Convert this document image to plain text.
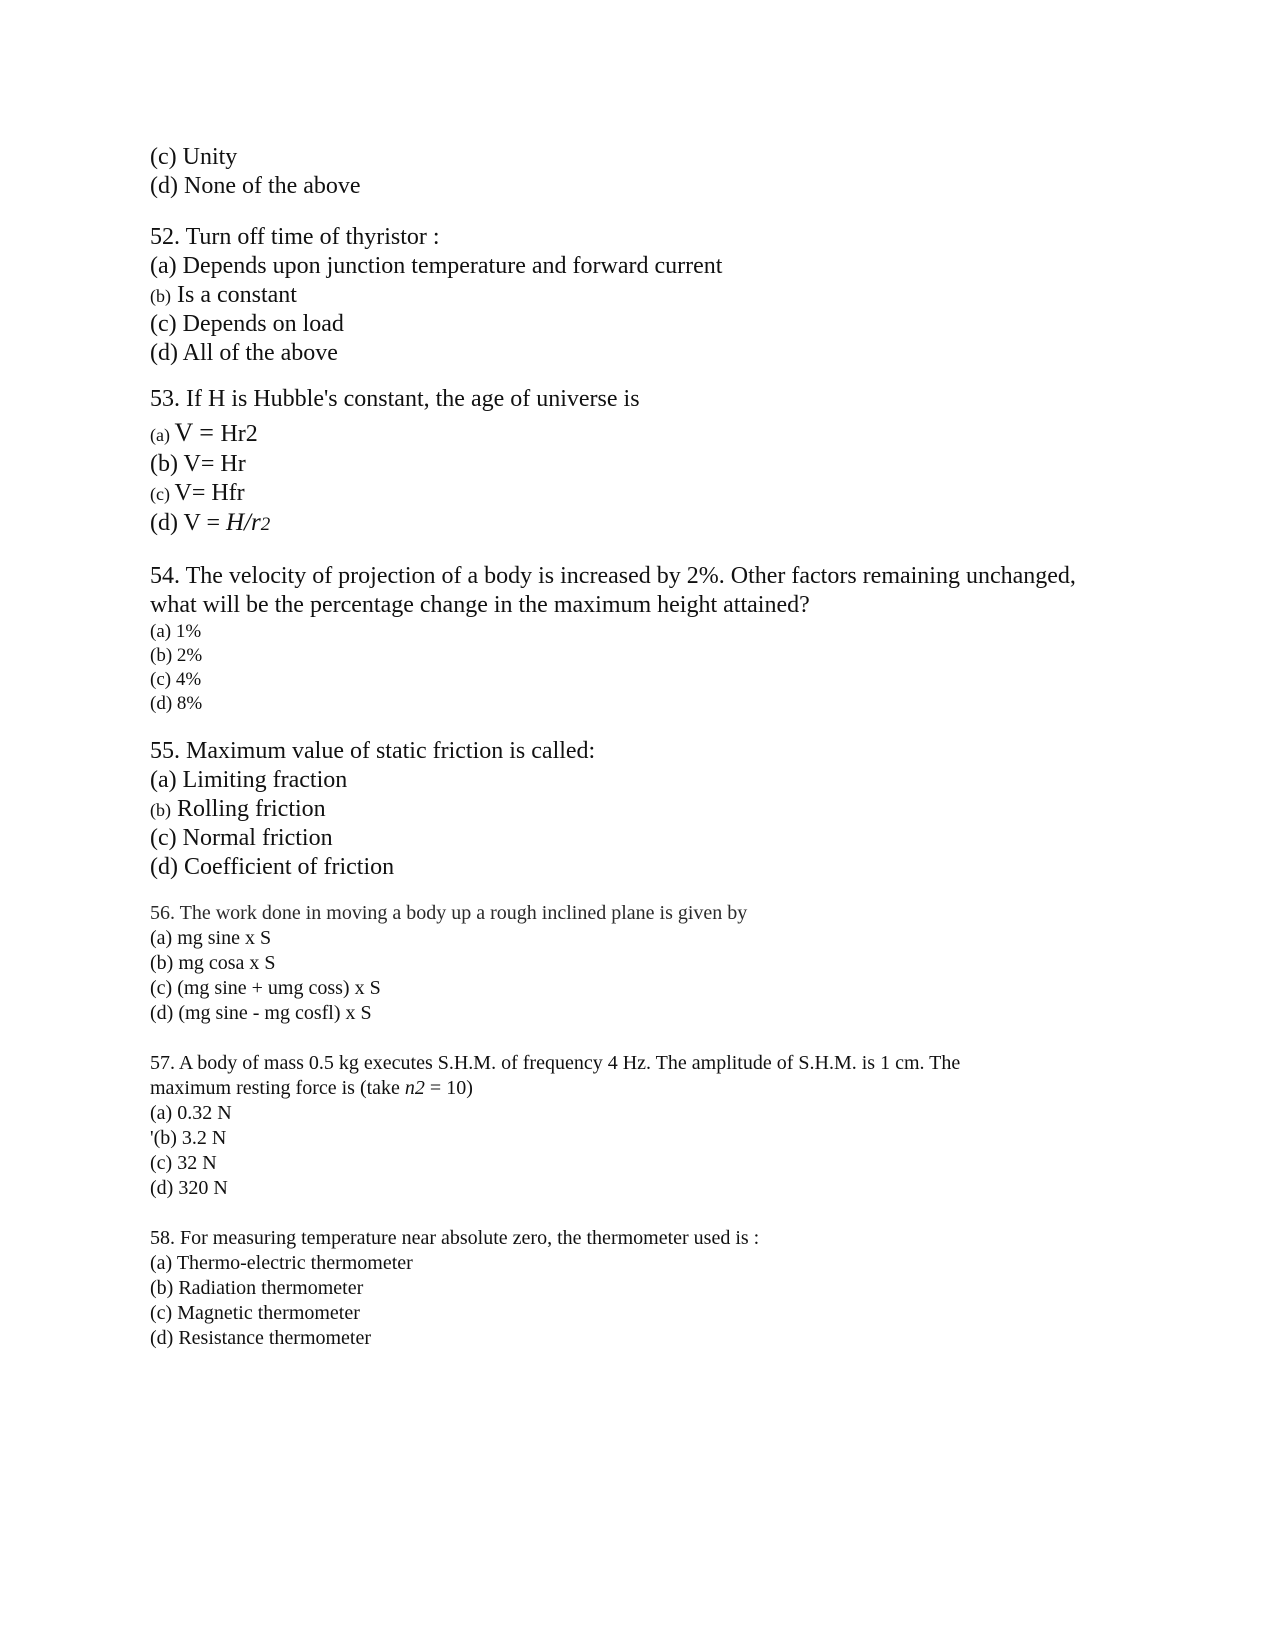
(c) Unity
(d) None of the above
52. Turn off time of thyristor :
(a) Depends upon junction temperature and forward current
(b) Is a constant
(c) Depends on load
(d) All of the above
53. If H is Hubble's constant, the age of universe is
(a) V = Hr2
(b) V= Hr
(c) V= Hfr
(d) V = H/r2
54. The velocity of projection of a body is increased by 2%. Other factors remaining unchanged,
what will be the percentage change in the maximum height attained?
(a) 1%
(b) 2%
(c) 4%
(d) 8%
55. Maximum value of static friction is called:
(a) Limiting fraction
(b) Rolling friction
(c) Normal friction
(d) Coefficient of friction
56. The work done in moving a body up a rough inclined plane is given by
(a) mg sine x S
(b) mg cosa x S
(c) (mg sine + umg coss) x S
(d) (mg sine - mg cosfl) x S
57. A body of mass 0.5 kg executes S.H.M. of frequency 4 Hz. The amplitude of S.H.M. is 1 cm. The
maximum resting force is (take n2 = 10)
(a) 0.32 N
'(b) 3.2 N
(c) 32 N
(d) 320 N
58. For measuring temperature near absolute zero, the thermometer used is :
(a) Thermo-electric thermometer
(b) Radiation thermometer
(c) Magnetic thermometer
(d) Resistance thermometer
